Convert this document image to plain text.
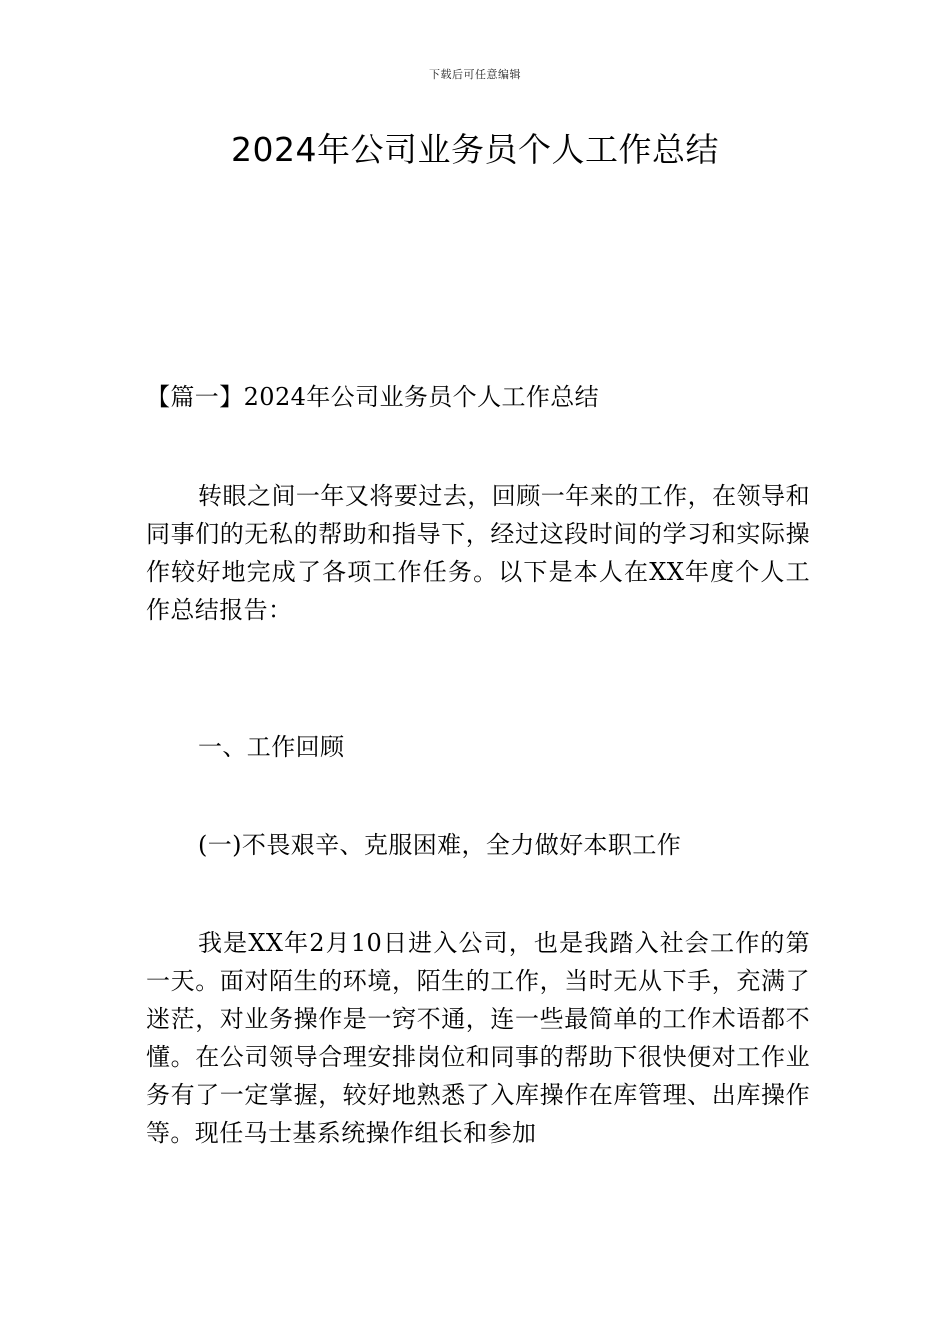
下载后可任意编辑
2024年公司业务员个人工作总结
【篇一】2024年公司业务员个人工作总结
转眼之间一年又将要过去，回顾一年来的工作，在领导和同事们的无私的帮助和指导下，经过这段时间的学习和实际操作较好地完成了各项工作任务。以下是本人在XX年度个人工作总结报告：
一、工作回顾
(一)不畏艰辛、克服困难，全力做好本职工作
我是XX年2月10日进入公司，也是我踏入社会工作的第一天。面对陌生的环境，陌生的工作，当时无从下手，充满了迷茫，对业务操作是一窍不通，连一些最简单的工作术语都不懂。在公司领导合理安排岗位和同事的帮助下很快便对工作业务有了一定掌握，较好地熟悉了入库操作在库管理、出库操作等。现任马士基系统操作组长和参加
